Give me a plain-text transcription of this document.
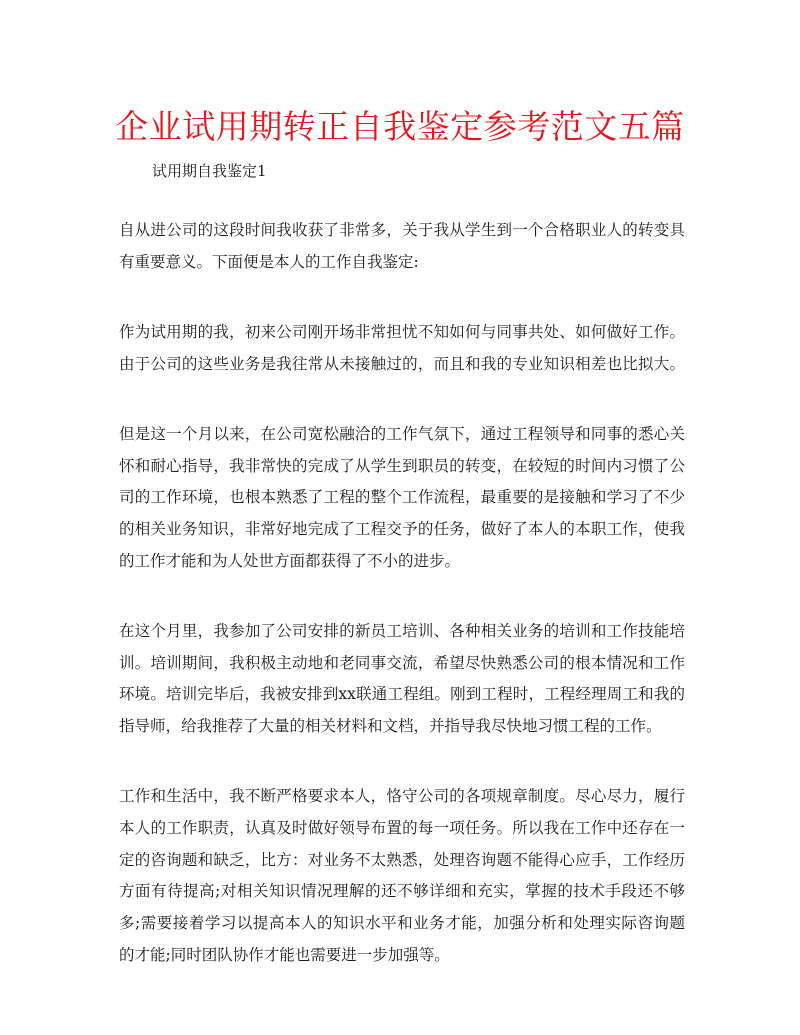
企业试用期转正自我鉴定参考范文五篇

试用期自我鉴定1

自从进公司的这段时间我收获了非常多，关于我从学生到一个合格职业人的转变具
有重要意义。下面便是本人的工作自我鉴定:

作为试用期的我，初来公司刚开场非常担忧不知如何与同事共处、如何做好工作。
由于公司的这些业务是我往常从未接触过的，而且和我的专业知识相差也比拟大。

但是这一个月以来，在公司宽松融洽的工作气氛下，通过工程领导和同事的悉心关
怀和耐心指导，我非常快的完成了从学生到职员的转变，在较短的时间内习惯了公
司的工作环境，也根本熟悉了工程的整个工作流程，最重要的是接触和学习了不少
的相关业务知识，非常好地完成了工程交予的任务，做好了本人的本职工作，使我
的工作才能和为人处世方面都获得了不小的进步。

在这个月里，我参加了公司安排的新员工培训、各种相关业务的培训和工作技能培
训。培训期间，我积极主动地和老同事交流，希望尽快熟悉公司的根本情况和工作
环境。培训完毕后，我被安排到xx联通工程组。刚到工程时，工程经理周工和我的
指导师，给我推荐了大量的相关材料和文档，并指导我尽快地习惯工程的工作。

工作和生活中，我不断严格要求本人，恪守公司的各项规章制度。尽心尽力，履行
本人的工作职责，认真及时做好领导布置的每一项任务。所以我在工作中还存在一
定的咨询题和缺乏，比方：对业务不太熟悉，处理咨询题不能得心应手，工作经历
方面有待提高;对相关知识情况理解的还不够详细和充实，掌握的技术手段还不够
多;需要接着学习以提高本人的知识水平和业务才能，加强分析和处理实际咨询题
的才能;同时团队协作才能也需要进一步加强等。
